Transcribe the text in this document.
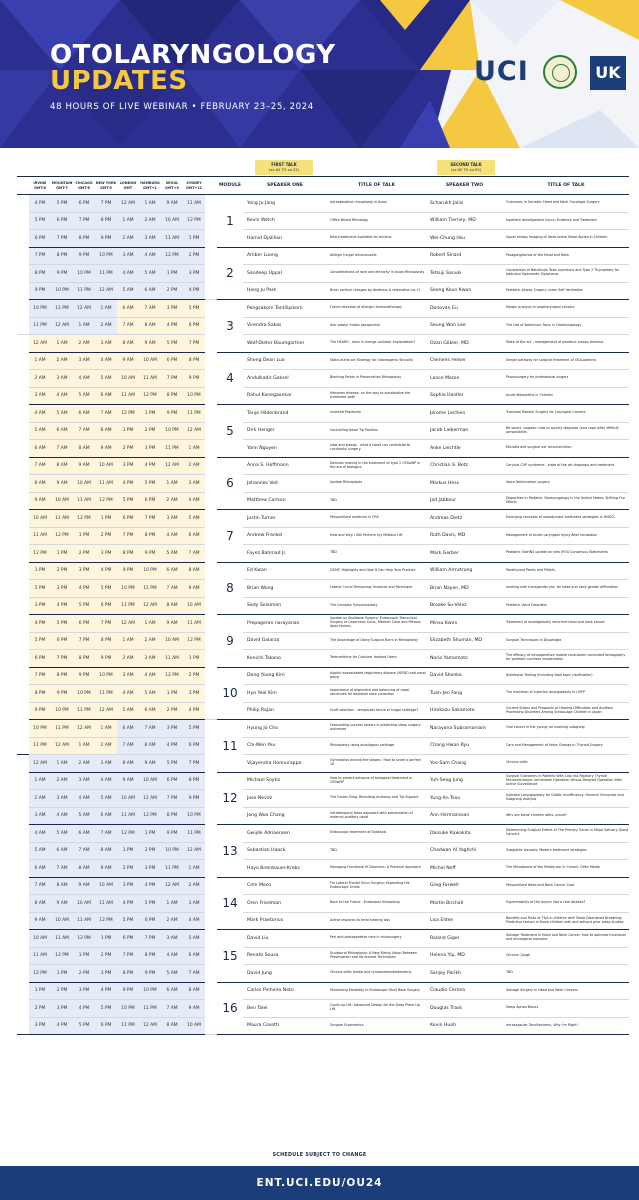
OTOLARYNGOLOGY
UPDATES
48 HOURS OF LIVE WEBINAR • FEBRUARY 23–25, 2024
UCI	UK
FIRST TALK
(xx:00 TO xx:25)
SECOND TALK
(xx:30 TO xx:55)
	IRVINE GMT-8	MOUNTAIN GMT-7	CHICAGO GMT-6	NEW YORK GMT-5	LONDON GMT	HAMBURG GMT+1	SEOUL GMT+9	SYDNEY GMT+11		MODULE	SPEAKER ONE	TITLE OF TALK	SPEAKER TWO	TITLE OF TALK
	4 PM	5 PM	6 PM	7 PM	12 AM	1 AM	9 AM	11 AM		1	Yong Ju Jang	Intraoperative rhinoplasty in Asian	Scharukh Jalisi	Outcomes in Geriatric Head and Neck Oncologic Surgery
	5 PM	6 PM	7 PM	8 PM	1 AM	2 AM	10 AM	12 PM			Kevin Welch	Office Based Rhinology	William Tierney, MD	Inpatient Aerodigestive Injury: Evidence and Treatment
	6 PM	7 PM	8 PM	9 PM	2 AM	3 AM	11 AM	1 PM			Hamid Djalilian	New treatments available for tinnitus	Wei-Chung Hsu	Upper airway Imaging of Obstructive Sleep Apnea in Children
	7 PM	8 PM	9 PM	10 PM	3 AM	4 AM	12 PM	2 PM		2	Amber Luong	Allergic fungal rhinosinusitis	Robert Sinard	Paragangliomas of the Head and Neck
	8 PM	9 PM	10 PM	11 PM	4 AM	5 AM	1 PM	3 PM			Sandeep Uppal	Considerations of race and ethnicity in Asian Rhinoplasty	Tetsuji Sanuki	Comparison of Botulinum Toxin Injections and Type 2 Thyroplasty for Adductor Spasmodic Dysphonia
	9 PM	10 PM	11 PM	12 AM	5 AM	6 AM	2 PM	4 PM			Hong Ju Park	Brain cortical changes by deafness & restoration by CI	Seong Keun Kwon	Pediatric Airway Surgery under Self Ventilation
	10 PM	11 PM	12 AM	1 AM	6 AM	7 AM	3 PM	5 PM		3	Pongsakorn Tantilipikorn	Future direction of allergen immunotherapy	Donovan Eu	Margin analysis in oropharyngeal cancers
	11 PM	12 AM	1 AM	2 AM	7 AM	8 AM	4 PM	6 PM			Virendra Sakas	Alar plasty: Indian perspective	Seung Won Lee	The Use of Botulinum Toxin in Otolaryngology
	12 AM	1 AM	2 AM	3 AM	8 AM	9 AM	5 PM	7 PM			Wolf-Dieter Baumgartner	The HEARO - does it change cochlear implantation?	Ozan Gökler, MD	State of the art – management of pediatric airway stenosis
	1 AM	2 AM	3 AM	4 AM	9 AM	10 AM	6 PM	8 PM		4	Sheng Dean Luo	State-of-the-art Strategy for Odontogenic Sinusitis	Clemens Heiser	Simple pathway for surgical treatment of OSA-patients
	2 AM	3 AM	4 AM	5 AM	10 AM	11 AM	7 PM	9 PM			Andulkadir Goksel	Blocking Points in Preservation Rhinoplasty	Lance Maron	Phonosurgery for professional singers
	3 AM	4 AM	5 AM	6 AM	11 AM	12 PM	8 PM	10 PM			Rahul Kanegaonkar	Menieres disease- on the way to standardize the treatment path	Sophia Haidler	Acute Mastoiditis in Children
	4 AM	5 AM	6 AM	7 AM	12 PM	1 PM	9 PM	11 PM		5	Tanja Hildenbrand	Inverted Papilloma	Jerome Lechien	Transoral Robotic Surgery for Laryngeal Cancers
	5 AM	6 AM	7 AM	8 AM	1 PM	2 PM	10 PM	12 AM			Dirk Henger	Controlling Nasal Tip Position	Jacob Lieberman	Be smart, surgeon: how to quickly diagnose (and cope with) difficult personalities
	6 AM	7 AM	8 AM	9 AM	2 PM	3 PM	11 PM	1 AM			Yann Nguyen	slow and steady - what a robot can contribute to successful surgery	Anke Leichtle	Microtia and surgical ear reconstruction
	7 AM	8 AM	9 AM	10 AM	3 PM	4 PM	12 AM	2 AM		6	Anna S. Hoffmann	Decision making in the treatment of type 2 CRSwNP in the era of biologics	Christian S. Betz	Cervical CUP syndrome - state of the art diagnosis and treatment
	8 AM	9 AM	10 AM	11 AM	4 PM	5 PM	1 AM	3 AM			Johannes Veit	Update Rhinoplasty	Markus Hess	Voice feminization surgery
	9 AM	10 AM	11 AM	12 PM	5 PM	6 PM	2 AM	4 AM			Matthew Carlson	TBD	Jad Jabbour	Disparities in Pediatric Otolaryngology in the United States: Shifting Our Efforts
	10 AM	11 AM	12 PM	1 PM	6 PM	7 PM	3 AM	5 AM		7	Justin Turner	Personalized medicine in CRS	Andreas Dietz	Emerging concepts of neoadjuvant treatment strategies in HNSCC
	11 AM	12 PM	1 PM	2 PM	7 PM	8 PM	4 AM	6 AM			Andrew Frankel	How and Why I Still Perform my Midface Lift	Ruth Davis, MD	Management of Acute Laryngeal Injury After Intubation
	12 PM	1 PM	2 PM	3 PM	8 PM	9 PM	5 AM	7 AM			Fayez Bahmad Jr.	TBD	Mark Gerber	Pediatric OtoHNS update on new IPOG Consensus Statements
	1 PM	2 PM	3 PM	4 PM	9 PM	10 PM	6 AM	8 AM		8	Ed Kwan	ICENT: Highlights and How It Can Help Your Practice	William Armstrong	Parathyroid Pearls and Pitfalls
	2 PM	3 PM	4 PM	5 PM	10 PM	11 PM	7 AM	9 AM			Brian Wong	Lateral Crural Tensioning: Nuances and Technique	Brian Nayen, MD	working with transgender pts. for head and neck gender affirmation
	3 PM	4 PM	5 PM	6 PM	11 PM	12 AM	8 AM	10 AM			Sady Selaimen	The Complex Tympanoplasty	Brooke Su-Velez	Pediatric Voice Disorders
	4 PM	5 PM	6 PM	7 PM	12 AM	1 AM	9 AM	11 AM		9	Prepageran narayanan	Update on Skullbase Surgery: Endoscopic Transclival Surgery of Cavernous Sinus, Meckels Cave and Petrous Apex lesions.	Minsu Kwon	Treatment of locoregionally recurrent head and neck cancer
	5 PM	6 PM	7 PM	8 PM	1 AM	2 AM	10 AM	12 PM			David Galarza	The Advantage of Using Surgical Burrs in Rhinoplasty	Elizabeth Shuman, MD	Surgical Techniques in Dysphagia
	6 PM	7 PM	8 PM	9 PM	2 AM	3 AM	11 AM	1 PM			Kenichi Takano	Telemedicine for Cochlear Implant Users	Norio Yamamoto	The efficacy of intraoperative mobile cone-beam computed tomography for pediatric cochlear implantation
	7 PM	8 PM	9 PM	10 PM	3 AM	4 AM	12 PM	2 PM		10	Dong Young Kim	Aspirin-exacerbated respiratory disease (AERD) and nasal polyp	David Shonka	Nutritional Testing (Including food topic clarification)
	8 PM	9 PM	10 PM	11 PM	4 AM	5 AM	1 PM	3 PM			Hyo Yeol Kim	Importance of alignment and balancing of nasal structures for deviated nose correction	Tuan-Jen Fang	The evolution of injection laryngoplasty in UVFP
	9 PM	10 PM	11 PM	12 AM	5 AM	6 AM	2 PM	4 PM			Philip Rajan	Graft selection - temporalis fascia or tragal cartilage?	Hirokazu Sakamoto	Current Status and Prospects of Hearing Difficulties and Auditory Processing Disorders Among School-Age Children in Japan
	10 PM	11 PM	12 AM	1 AM	6 AM	7 AM	3 PM	5 PM		11	Hyung Jo Cho	Forecasting success factors in predicting sleep surgery outcomes	Narayana Subramaniam	Oral cancer in the young: an evolving subgroup
	11 PM	12 AM	1 AM	2 AM	7 AM	8 AM	4 PM	6 PM			Chi-Wen Yeu	Rhinoplasty using autologous cartilage	Chang Hwan Ryu	Care and Management of Voice Change in Thyroid Surgery
	12 AM	1 AM	2 AM	3 AM	8 AM	9 AM	5 PM	7 PM			Vijayendra Honnurappa	Gymnastics around the stapes : How to score a perfect 10	Yoo-Sam Chang	Chronic otitis
	1 AM	2 AM	3 AM	4 AM	9 AM	10 AM	6 PM	8 PM		12	Michael Soyka	How to predict outcome of biological treatment in CRSwNP	Yuh-Seog Jung	Surgical Outcomes in Patients With Low-risk Papillary Thyroid Microcarcinoma: Immediate Operation Versus Delayed Operation After Active Surveillance
	2 AM	3 AM	4 AM	5 AM	10 AM	11 AM	7 PM	9 PM			Jose Nevez	The Fusion Sling: Revisiting Anatomy and Tip Support	Yung-An Tsou	Injection Laryngoplasty for Glottic Insufficiency: General Outcomes and Subgroup analysis
	3 AM	4 AM	5 AM	6 AM	11 AM	12 PM	8 PM	10 PM			Jong Woo Chang	Infratemporal fossa approach with preservation of external auditory canal	Ann Hermansson	Why are some children otitis- prone?
	4 AM	5 AM	6 AM	7 AM	12 PM	1 PM	9 PM	11 PM		13	Gwijde Adriaensen	Endoscopic treatment of Epistaxis	Daisuke Kawakita	Determining Surgical Extent of The Primary Tumor in Major Salivary Gland Cancers
	5 AM	6 AM	7 AM	8 AM	1 PM	2 PM	10 PM	12 AM			Sebastian Haack	TBD	Chadwan Al Yaghchi	Subglottic stenosis: Modern treatment strategies
	6 AM	7 AM	8 AM	9 AM	2 PM	3 PM	11 PM	1 AM			Hayo Breinbauer-Krebs	Managing Functional III Dizziness: A Practical Approach	Michel Neff	The Microbiome of the Middle ear in Chronic Otitis Media
	7 AM	8 AM	9 AM	10 AM	3 PM	4 PM	12 AM	2 AM		14	Cem Meco	For Lateral Frontal Sinus Surgery: Expanding the Endoscopic Limits	Greg Farwell	Personalized Head and Neck Cancer Care
	8 AM	9 AM	10 AM	11 AM	4 PM	5 PM	1 AM	3 AM			Oren Friedman	Back to the Future : Endonasal rhinoplasty	Martin Birchall	Hypermobility of the larynx: Not a rare disease?
	9 AM	10 AM	11 AM	12 PM	5 PM	6 PM	2 AM	4 AM			Mark Praetorius	Active Implants to treat hearing loss	Lisa Elden	Benefits and Risks of T&A in children with Sleep Disordered Breathing: Predictive factors in those children with and without prior sleep studies
	10 AM	11 AM	12 PM	1 PM	6 PM	7 PM	3 AM	5 AM		15	David Liu	Peri and postoperative care in rhinosurgery	Roland Giger	Salvage Treatment in Head and Neck Cancer: how to optimize functional and oncological outcome
	11 AM	12 PM	1 PM	2 PM	7 PM	8 PM	4 AM	6 AM			Renato Sousa	Sculptural Rhinoplasty: A New Rising Vision Between Preservation and Structured Techniques	Helena Yip, MD	Chronic Cough
	12 PM	1 PM	2 PM	3 PM	8 PM	9 PM	5 AM	7 AM			David Jung	Chronic otitis media and tympanomastoidectomy	Sanjay Parikh	TBD
	1 PM	2 PM	3 PM	4 PM	9 PM	10 PM	6 AM	8 AM		16	Carlos Pinheiro Neto	Minimizing Morbidity in Endoscopic Skull Base Surgery	Claudio Cernea	Salvage Surgery in Head and Neck Cancers
	2 PM	3 PM	4 PM	5 PM	10 PM	11 PM	7 AM	9 AM			Ben Talei	Cupid Lip Lift: Advanced Design for the Deep Plane Lip Lift	Douglas Trask	Sleep Apnea Basics
	3 PM	4 PM	5 PM	6 PM	11 PM	12 AM	8 AM	10 AM			Maura Cosetti	Surgical Ergonomics	Kevin Huoh	Intracapsular Tonsillectomy- Why I'm Right!
SCHEDULE SUBJECT TO CHANGE
ENT.UCI.EDU/OU24
